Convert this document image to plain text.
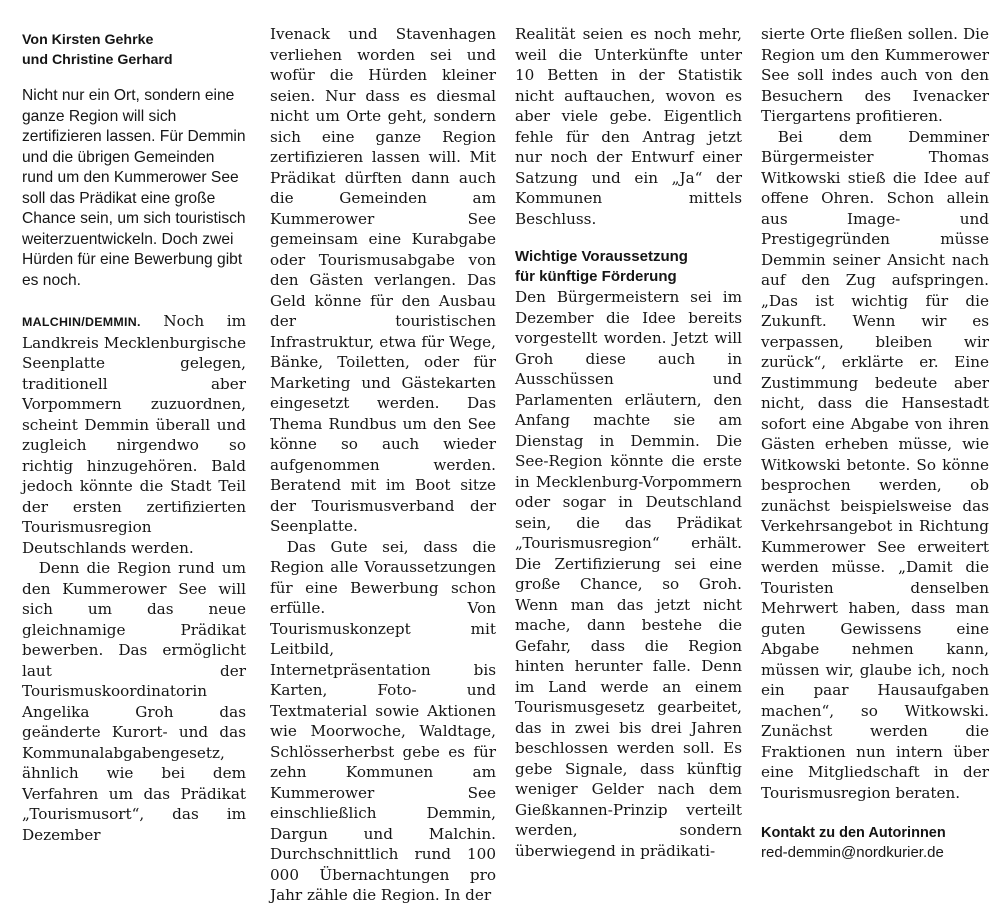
Von Kirsten Gehrke
und Christine Gerhard

Nicht nur ein Ort, sondern eine ganze Region will sich zertifizieren lassen. Für Demmin und die übrigen Gemeinden rund um den Kummerower See soll das Prädikat eine große Chance sein, um sich touristisch weiterzuentwickeln. Doch zwei Hürden für eine Bewerbung gibt es noch.

MALCHIN/DEMMIN. Noch im Landkreis Mecklenburgische Seenplatte gelegen, traditionell aber Vorpommern zuzuordnen, scheint Demmin überall und zugleich nirgendwo so richtig hinzugehören. Bald jedoch könnte die Stadt Teil der ersten zertifizierten Tourismusregion Deutschlands werden.

Denn die Region rund um den Kummerower See will sich um das neue gleichnamige Prädikat bewerben. Das ermöglicht laut der Tourismuskoordinatorin Angelika Groh das geänderte Kurort- und das Kommunalabgabengesetz, ähnlich wie bei dem Verfahren um das Prädikat „Tourismusort“, das im Dezember

Ivenack und Stavenhagen verliehen worden sei und wofür die Hürden kleiner seien. Nur dass es diesmal nicht um Orte geht, sondern sich eine ganze Region zertifizieren lassen will. Mit Prädikat dürften dann auch die Gemeinden am Kummerower See gemeinsam eine Kurabgabe oder Tourismusabgabe von den Gästen verlangen. Das Geld könne für den Ausbau der touristischen Infrastruktur, etwa für Wege, Bänke, Toiletten, oder für Marketing und Gästekarten eingesetzt werden. Das Thema Rundbus um den See könne so auch wieder aufgenommen werden. Beratend mit im Boot sitze der Tourismusverband der Seenplatte.

Das Gute sei, dass die Region alle Voraussetzungen für eine Bewerbung schon erfülle. Von Tourismuskonzept mit Leitbild, Internetpräsentation bis Karten, Foto- und Textmaterial sowie Aktionen wie Moorwoche, Waldtage, Schlösserherbst gebe es für zehn Kommunen am Kummerower See einschließlich Demmin, Dargun und Malchin. Durchschnittlich rund 100 000 Übernachtungen pro Jahr zähle die Region. In der

Realität seien es noch mehr, weil die Unterkünfte unter 10 Betten in der Statistik nicht auftauchen, wovon es aber viele gebe. Eigentlich fehle für den Antrag jetzt nur noch der Entwurf einer Satzung und ein „Ja“ der Kommunen mittels Beschluss.

Wichtige Voraussetzung
für künftige Förderung

Den Bürgermeistern sei im Dezember die Idee bereits vorgestellt worden. Jetzt will Groh diese auch in Ausschüssen und Parlamenten erläutern, den Anfang machte sie am Dienstag in Demmin. Die See-Region könnte die erste in Mecklenburg-Vorpommern oder sogar in Deutschland sein, die das Prädikat „Tourismusregion“ erhält. Die Zertifizierung sei eine große Chance, so Groh. Wenn man das jetzt nicht mache, dann bestehe die Gefahr, dass die Region hinten herunter falle. Denn im Land werde an einem Tourismusgesetz gearbeitet, das in zwei bis drei Jahren beschlossen werden soll. Es gebe Signale, dass künftig weniger Gelder nach dem Gießkannen-Prinzip verteilt werden, sondern überwiegend in prädikati-

sierte Orte fließen sollen. Die Region um den Kummerower See soll indes auch von den Besuchern des Ivenacker Tiergartens profitieren.

Bei dem Demminer Bürgermeister Thomas Witkowski stieß die Idee auf offene Ohren. Schon allein aus Image- und Prestigegründen müsse Demmin seiner Ansicht nach auf den Zug aufspringen. „Das ist wichtig für die Zukunft. Wenn wir es verpassen, bleiben wir zurück“, erklärte er. Eine Zustimmung bedeute aber nicht, dass die Hansestadt sofort eine Abgabe von ihren Gästen erheben müsse, wie Witkowski betonte. So könne besprochen werden, ob zunächst beispielsweise das Verkehrsangebot in Richtung Kummerower See erweitert werden müsse. „Damit die Touristen denselben Mehrwert haben, dass man guten Gewissens eine Abgabe nehmen kann, müssen wir, glaube ich, noch ein paar Hausaufgaben machen“, so Witkowski. Zunächst werden die Fraktionen nun intern über eine Mitgliedschaft in der Tourismusregion beraten.

Kontakt zu den Autorinnen
red-demmin@nordkurier.de
